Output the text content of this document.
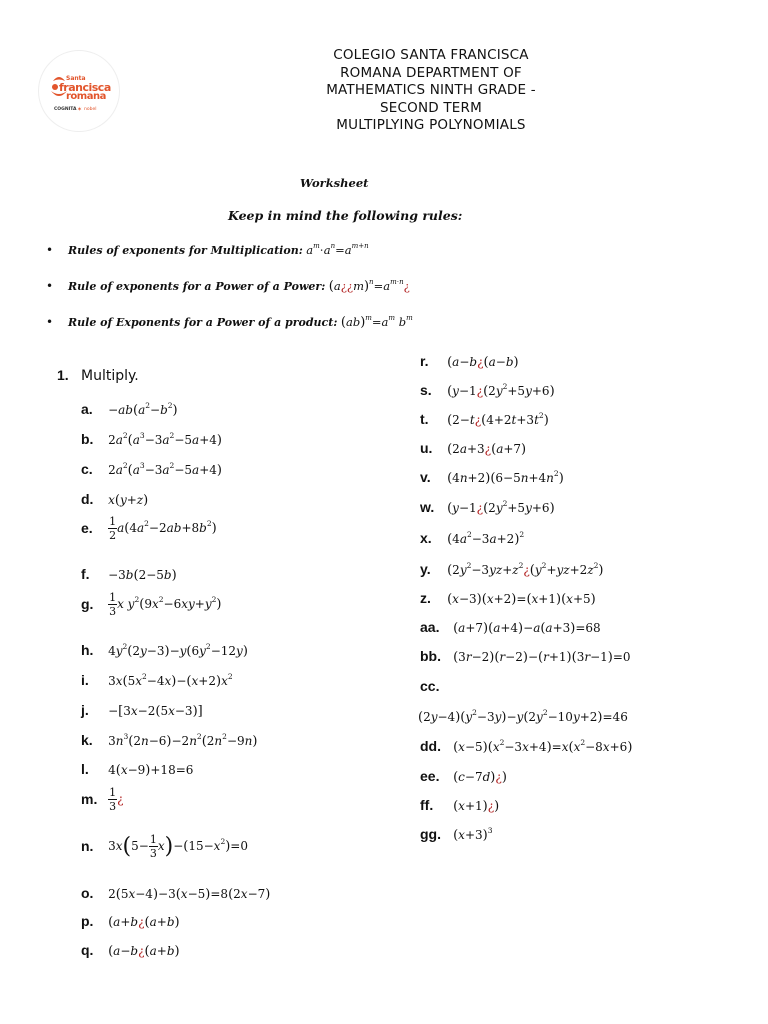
Santa
francisca
romana
COGNITA ✶ nobel
COLEGIO SANTA FRANCISCA
ROMANA DEPARTMENT OF
MATHEMATICS NINTH GRADE -
SECOND TERM
MULTIPLYING POLYNOMIALS
Worksheet
Keep in mind the following rules:
• Rules of exponents for Multiplication: $a^m\cdot a^n=a^{m+n}$
• Rule of exponents for a Power of a Power: $(a¿¿m)^n=a^{m\cdot n}¿$
• Rule of Exponents for a Power of a product: $(ab)^m=a^m$ $b^m$
1. Multiply.
a. $-ab(a^2-b^2)$
b. $2a^2(a^3-3a^2-5a+4)$
c. $2a^2(a^3-3a^2-5a+4)$
d. x(y+z)
e. $\frac{1}{2} a(4a^2-2ab+8b^2)$
f. −3b(2−5b)
g. $\frac{1}{3}$ x $y^2(9x^2-6xy+y^2)$
h. $4y^2(2y-3)-y(6y^2-12y)$
i. $3x(5x^2-4x)-(x+2)x^2$
j. −[3x−2(5x−3)]
k. $3n^3(2n-6)-2n^2(2n^2-9n)$
l. 4(x−9)+18=6
m. $\frac{1}{3}$ ¿
n. $3x(5- \frac{1}{3} x)-(15-x^2)=0$
o. 2(5x−4)−3(x−5)=8(2x−7)
p. (a+b¿(a+b)
q. (a−b¿(a+b)
r. (a−b¿(a−b)
s. ($y-1¿(2y^2+5y+6)$
t. ($2-t¿(4+2t+3t^2)$
u. (2a+3¿(a+7)
v. $(4n+2)(6-5n+4n^2)$
w. ($y-1¿(2y^2+5y+6)$
x. $(4a^2-3a+2)^2$
y. ($2y^2-3yz+z^2¿(y^2+yz+2z^2)$
z. (x−3)(x+2)=(x+1)(x+5)
aa. (a+7)(a+4)−a(a+3)=68
bb. (3r−2)(r−2)−(r+1)(3r−1)=0
cc.
$(2y-4)(y^2-3y)-y(2y^2-10y+2)=46$
dd. $(x-5)(x^2-3x+4)=x(x^2-8x+6)$
ee. (c−7d)¿)
ff. (x+1)¿)
gg. $(x+3)^3$
